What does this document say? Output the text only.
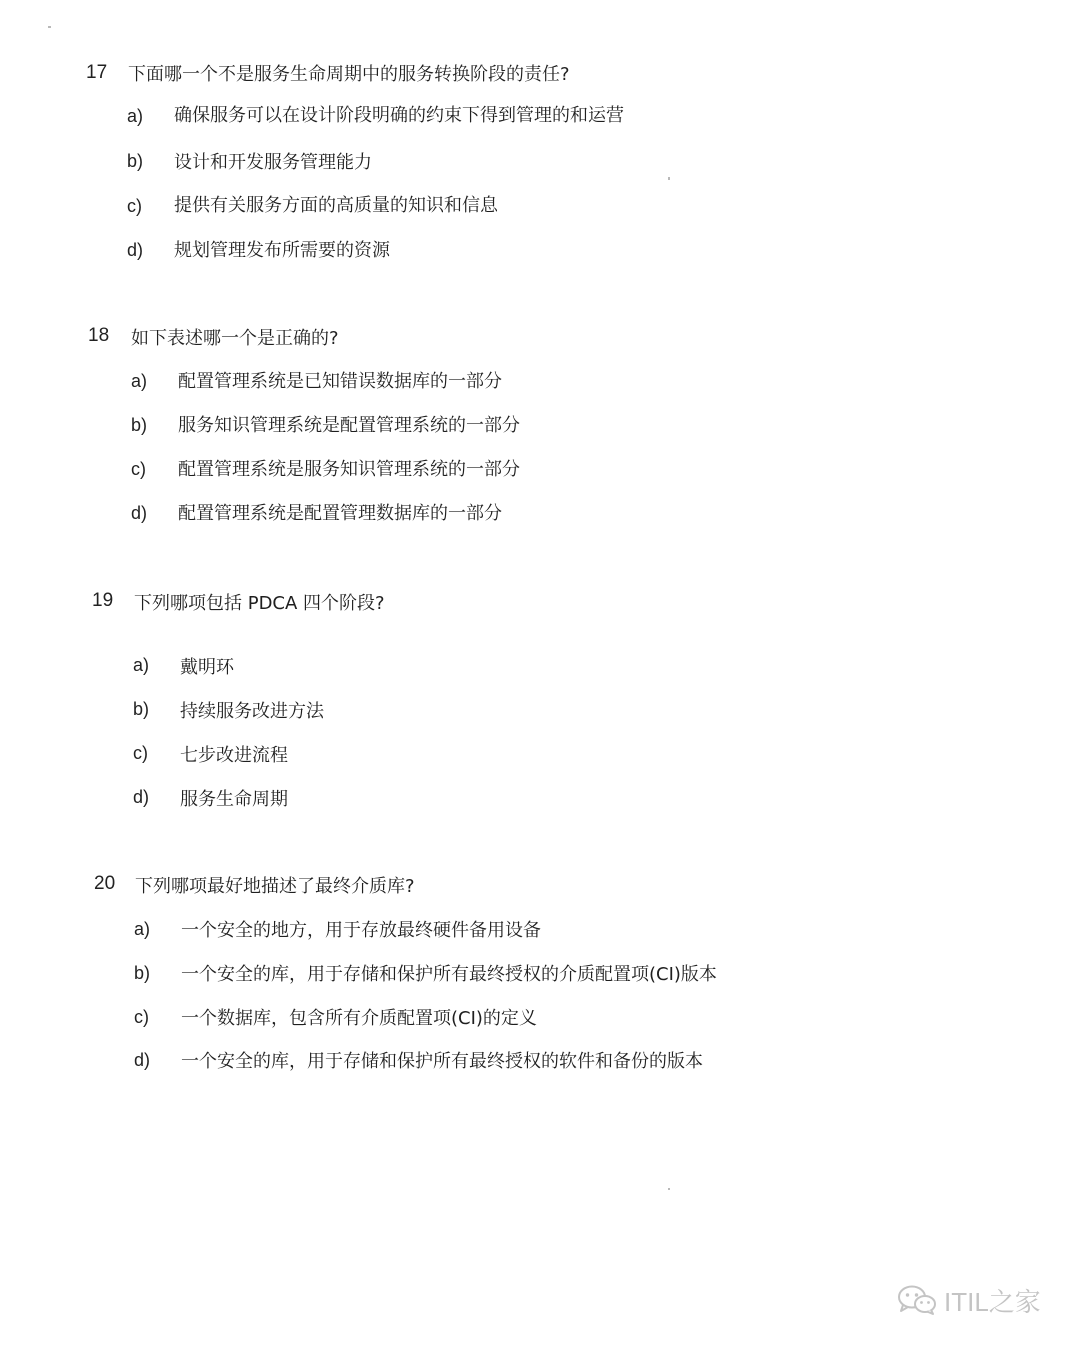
17 下面哪一个不是服务生命周期中的服务转换阶段的责任?
a) 确保服务可以在设计阶段明确的约束下得到管理的和运营
b) 设计和开发服务管理能力
c) 提供有关服务方面的高质量的知识和信息
d) 规划管理发布所需要的资源
18 如下表述哪一个是正确的?
a) 配置管理系统是已知错误数据库的一部分
b) 服务知识管理系统是配置管理系统的一部分
c) 配置管理系统是服务知识管理系统的一部分
d) 配置管理系统是配置管理数据库的一部分
19 下列哪项包括 PDCA 四个阶段?
a) 戴明环
b) 持续服务改进方法
c) 七步改进流程
d) 服务生命周期
20 下列哪项最好地描述了最终介质库?
a) 一个安全的地方，用于存放最终硬件备用设备
b) 一个安全的库，用于存储和保护所有最终授权的介质配置项(CI)版本
c) 一个数据库，包含所有介质配置项(CI)的定义
d) 一个安全的库，用于存储和保护所有最终授权的软件和备份的版本
ITIL之家
